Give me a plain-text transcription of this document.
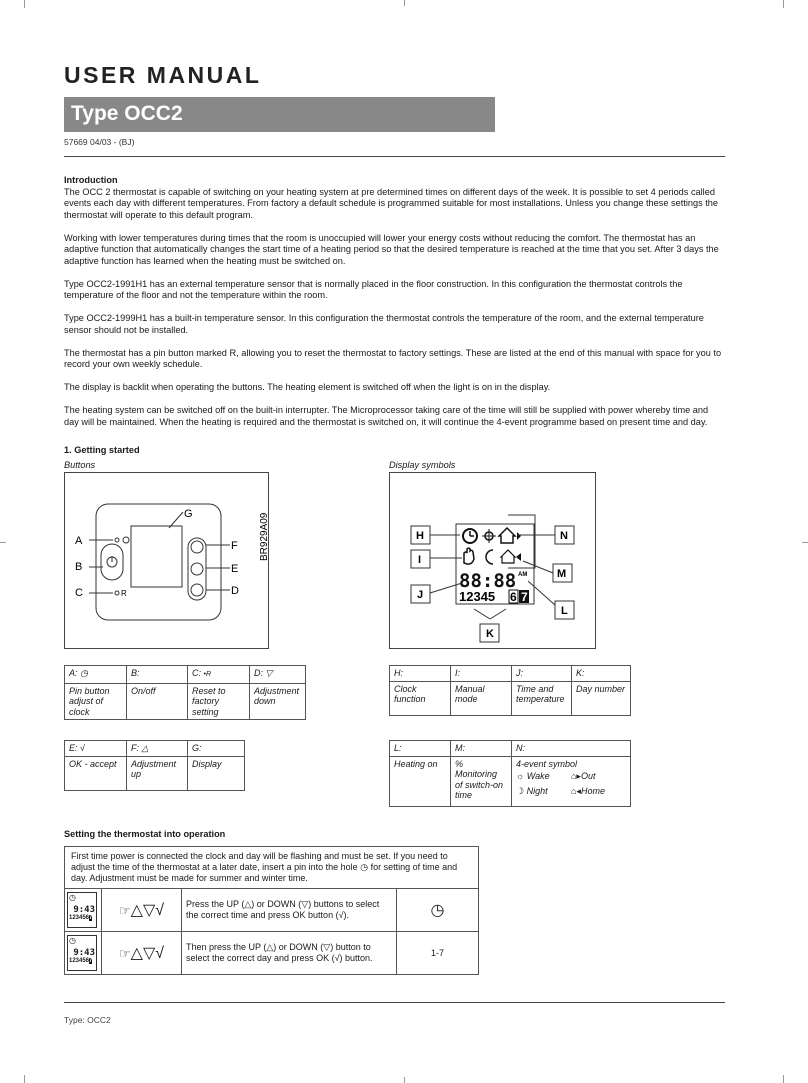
USER MANUAL
Type OCC2
57669 04/03 - (BJ)
Introduction

The OCC 2 thermostat is capable of switching on your heating system at pre determined times on different days of the week. It is possible to set 4 periods called events each day with different temperatures. From factory a default schedule is programmed suitable for most installations. Unless you change these settings the thermostat will operate to this default program.

Working with lower temperatures during times that the room is unoccupied will lower your energy costs without reducing the comfort. The thermostat has an adaptive function that automatically changes the start time of a heating period so that the desired temperature is reached at the time that you set. After 3 days the adaptive function has learned when the heating must be switched on.

Type OCC2-1991H1 has an external temperature sensor that is normally placed in the floor construction. In this configuration the thermostat controls the temperature of the floor and not the temperature within the room.

Type OCC2-1999H1 has a built-in temperature sensor. In this configuration the thermostat controls the temperature of the room, and the external temperature sensor should not be installed.

The thermostat has a pin button marked R, allowing you to reset the thermostat to factory settings. These are listed at the end of this manual with space for you to record your own weekly schedule.

The display is backlit when operating the buttons. The heating element is switched off when the light is on in the display.

The heating system can be switched off on the built-in interrupter. The Microprocessor taking care of the time will still be supplied with power whereby time and day will be maintained. When the heating is required and the thermostat is switched on, it will continue the 4-event programme based on present time and day.

1. Getting started
Buttons	Display symbols
A
B
C
G
F
E
D
R
BR929A09
88:88 AM
12345 6 7
H
I
J
K
L
M
N
A: ◷	B:	C: •R	D: ▽
Pin button adjust of clock	On/off	Reset to factory setting	Adjustment down
E: √	F: △	G:
OK - accept	Adjustment up	Display
H:	I:	J:	K:
Clock function	Manual mode	Time and temperature	Day number
L:	M:	N:
Heating on	% Monitoring of switch-on time	4-event symbol
☼ Wake ⌂▸Out
☽ Night ⌂◂Home
Setting the thermostat into operation
First time power is connected the clock and day will be flashing and must be set. If you need to adjust the time of the thermostat at a later date, insert a pin into the hole ◷ for setting of time and day. Adjustment must be made for summer and winter time.			

◷
9:43
1234567	☞△▽√	Press the UP (△) or DOWN (▽) buttons to select the correct time and press OK button (√).	◷

◷
9:43
1234567	☞△▽√	Then press the UP (△) or DOWN (▽) button to select the correct day and press OK (√) button.	1-7
Type: OCC2
